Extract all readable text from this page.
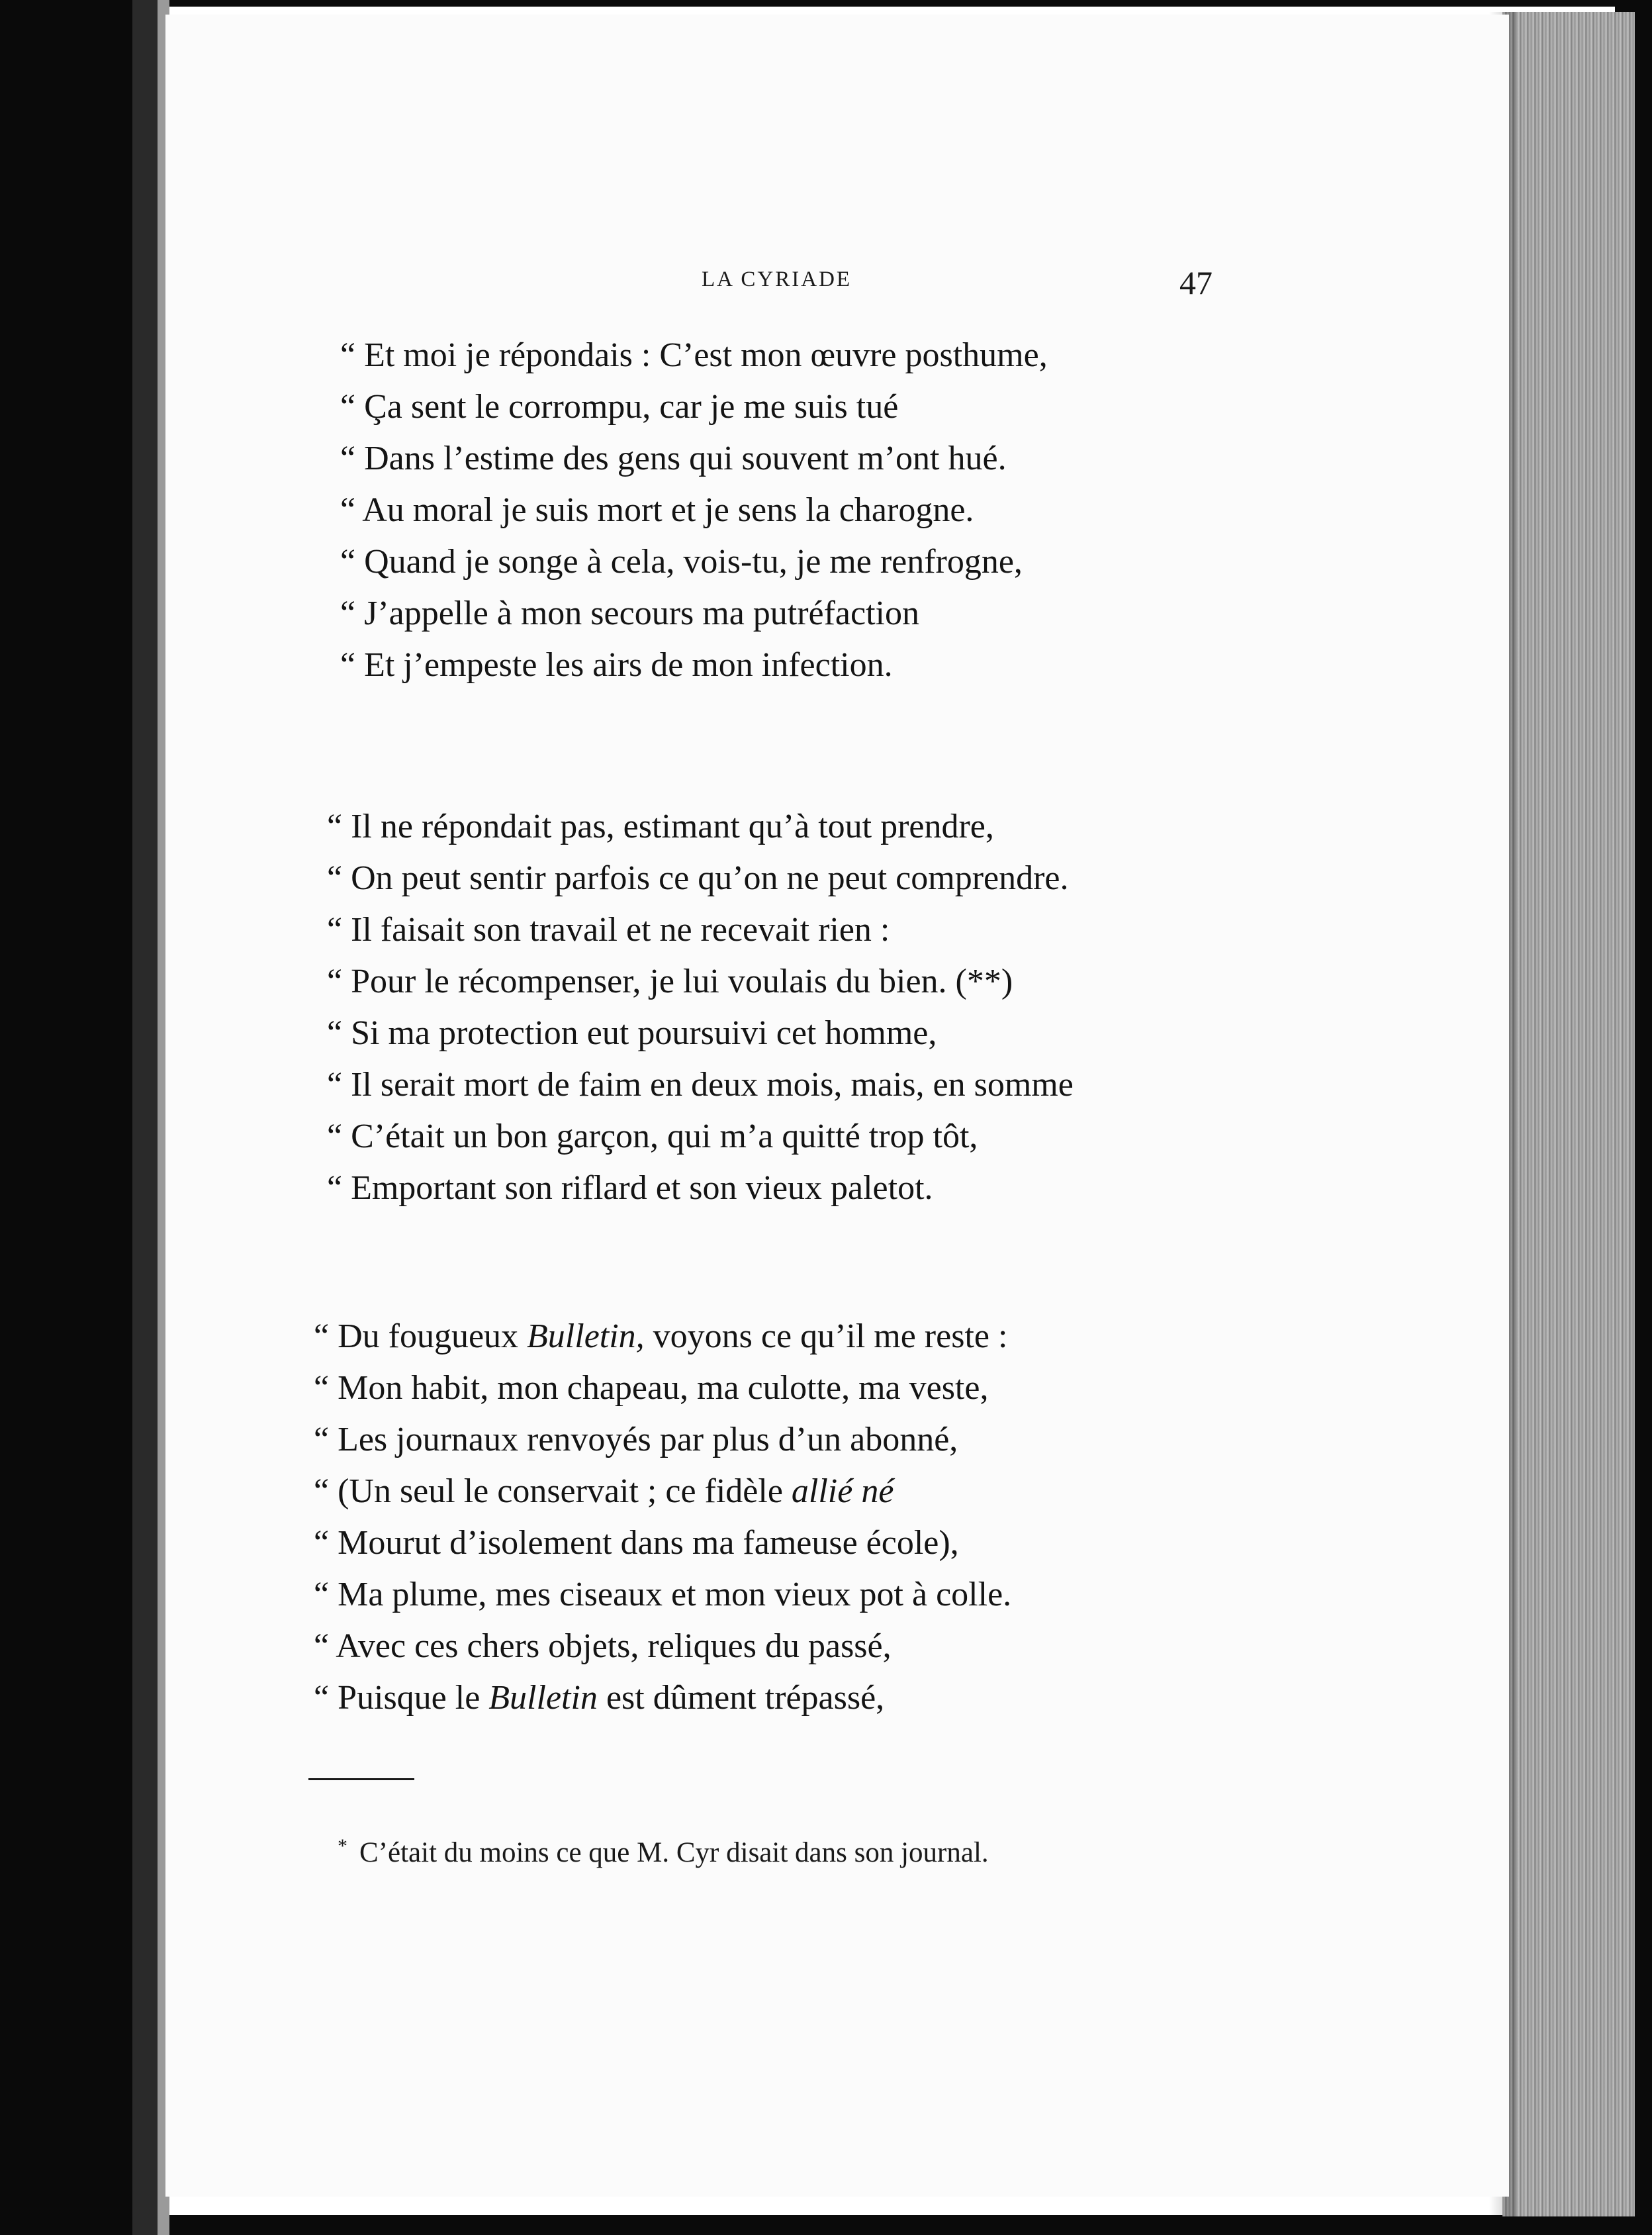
LA CYRIADE	47

“ Et moi je répondais : C’est mon œuvre posthume,
“ Ça sent le corrompu, car je me suis tué
“ Dans l’estime des gens qui souvent m’ont hué.
“ Au moral je suis mort et je sens la charogne.
“ Quand je songe à cela, vois-tu, je me renfrogne,
“ J’appelle à mon secours ma putréfaction
“ Et j’empeste les airs de mon infection.
“ Il ne répondait pas, estimant qu’à tout prendre,
“ On peut sentir parfois ce qu’on ne peut comprendre.
“ Il faisait son travail et ne recevait rien :
“ Pour le récompenser, je lui voulais du bien. (**)
“ Si ma protection eut poursuivi cet homme,
“ Il serait mort de faim en deux mois, mais, en somme
“ C’était un bon garçon, qui m’a quitté trop tôt,
“ Emportant son riflard et son vieux paletot.
“ Du fougueux Bulletin, voyons ce qu’il me reste :
“ Mon habit, mon chapeau, ma culotte, ma veste,
“ Les journaux renvoyés par plus d’un abonné,
“ (Un seul le conservait ; ce fidèle allié né
“ Mourut d’isolement dans ma fameuse école),
“ Ma plume, mes ciseaux et mon vieux pot à colle.
“ Avec ces chers objets, reliques du passé,
“ Puisque le Bulletin est dûment trépassé,

* C’était du moins ce que M. Cyr disait dans son journal.
